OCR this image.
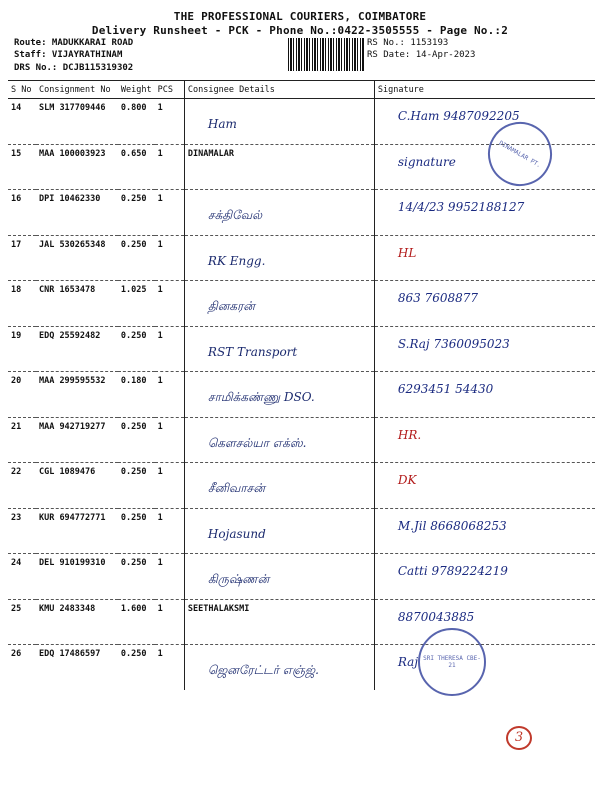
THE PROFESSIONAL COURIERS, COIMBATORE
Delivery Runsheet - PCK - Phone No.:0422-3505555 - Page No.:2
Route: MADUKKARAI ROAD
Staff: VIJAYRATHINAM
DRS No.: DCJB115319302
RS No.: 1153193
RS Date: 14-Apr-2023
S No	Consignment No	Weight	PCS	Consignee Details	Signature
14	SLM 317709446	0.800	1	Ham	C.Ham 9487092205
15	MAA 100003923	0.650	1	DINAMALAR	signature
16	DPI 10462330	0.250	1	சக்திவேல்	14/4/23 9952188127
17	JAL 530265348	0.250	1	RK Engg.	HL
18	CNR 1653478	1.025	1	தினகரன்	863 7608877
19	EDQ 25592482	0.250	1	RST Transport	S.Raj 7360095023
20	MAA 299595532	0.180	1	சாமிக்கண்ணு DSO.	6293451 54430
21	MAA 942719277	0.250	1	கௌசல்யா எக்ஸ்.	HR.
22	CGL 1089476	0.250	1	சீனிவாசன்	DK
23	KUR 694772771	0.250	1	Hojasund	M.Jil 8668068253
24	DEL 910199310	0.250	1	கிருஷ்ணன்	Catti 9789224219
25	KMU 2483348	1.600	1	SEETHALAKSMI	8870043885
26	EDQ 17486597	0.250	1	ஜெனரேட்டர் எஞ்ஜ்.	Raj
DINAMALAR PT.
SRI THERESA CBE-21
3
